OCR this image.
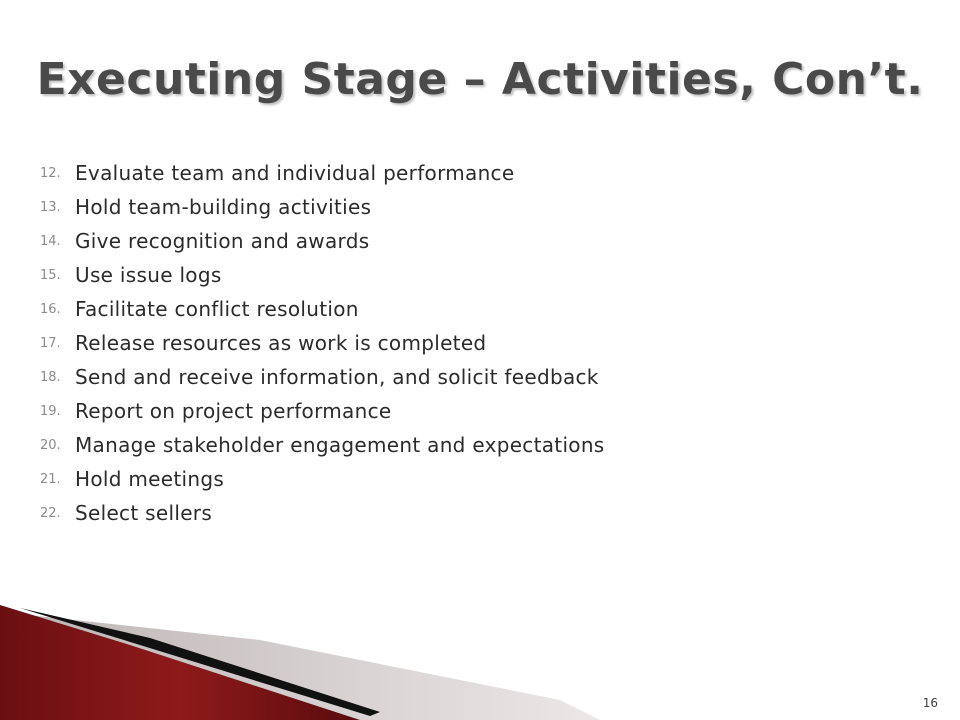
Executing Stage – Activities, Con’t.
12. Evaluate team and individual performance
13. Hold team-building activities
14. Give recognition and awards
15. Use issue logs
16. Facilitate conflict resolution
17. Release resources as work is completed
18. Send and receive information, and solicit feedback
19. Report on project performance
20. Manage stakeholder engagement and expectations
21. Hold meetings
22. Select sellers
16
